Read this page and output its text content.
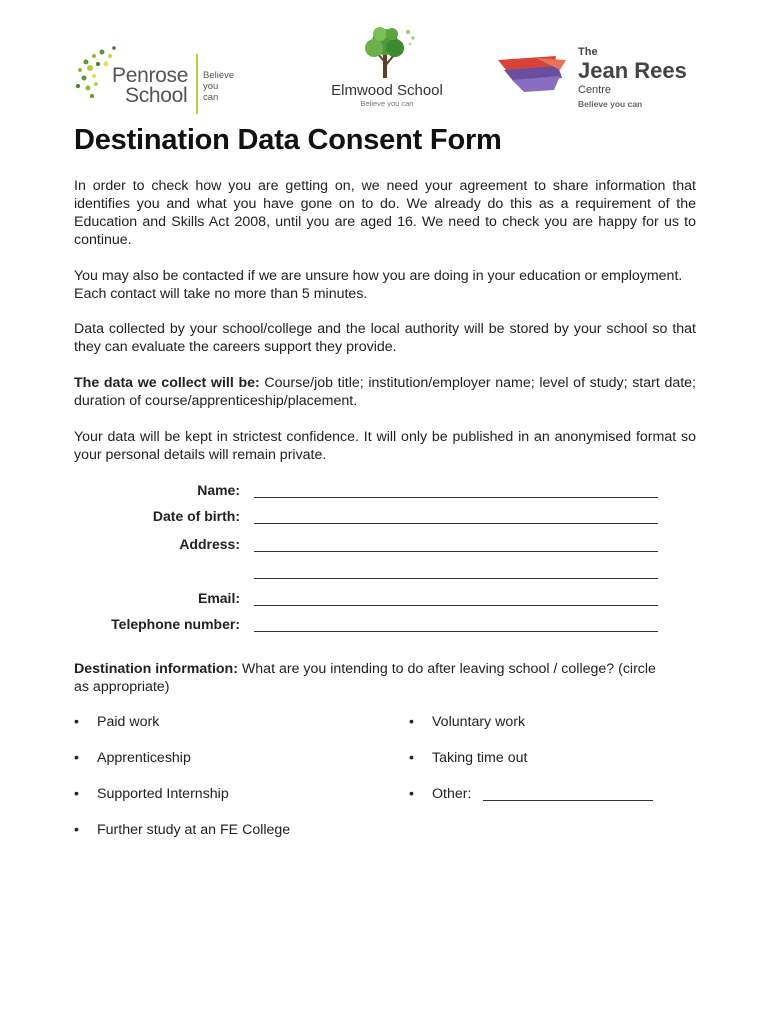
Penrose
School
Believe
you
can	Elmwood School
Believe you can
The
Jean Rees
Centre
Believe you can
Destination Data Consent Form
In order to check how you are getting on, we need your agreement to share information that identifies you and what you have gone on to do. We already do this as a requirement of the Education and Skills Act 2008, until you are aged 16. We need to check you are happy for us to continue.
You may also be contacted if we are unsure how you are doing in your education or employment. Each contact will take no more than 5 minutes.
Data collected by your school/college and the local authority will be stored by your school so that they can evaluate the careers support they provide.
The data we collect will be: Course/job title; institution/employer name; level of study; start date; duration of course/apprenticeship/placement.
Your data will be kept in strictest confidence. It will only be published in an anonymised format so your personal details will remain private.
Name:
Date of birth:
Address:
Email:
Telephone number:
Destination information: What are you intending to do after leaving school / college? (circle as appropriate)
• Paid work
• Apprenticeship
• Supported Internship
• Further study at an FE College
• Voluntary work
• Taking time out
• Other:
